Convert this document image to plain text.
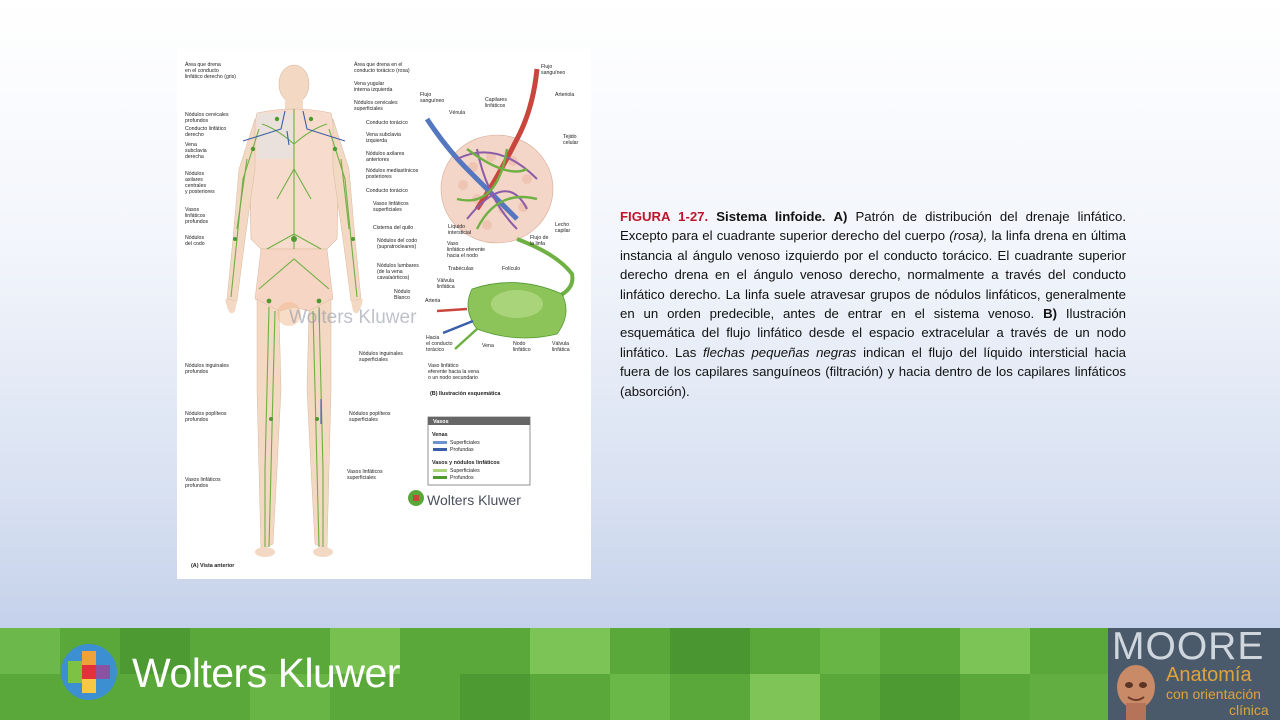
Área que drena
en el conducto
linfático derecho (gris)
Nódulos cervicales
profundos
Conducto linfático
derecho
Vena
subclavia
derecha
Nódulos
axilares
centrales
y posteriores
Vasos
linfáticos
profundos
Nódulos
del codo
Nódulos inguinales
profundos
Nódulos poplíteos
profundos
Vasos linfáticos
profundos
Área que drena en el
conducto torácico (rosa)
Vena yugular
interna izquierda
Nódulos cervicales
superficiales
Conducto torácico
Vena subclavia
izquierda
Nódulos axilares
anteriores
Nódulos mediastínicos
posteriores
Conducto torácico
Vasos linfáticos
superficiales
Cisterna del quilo
Nódulos del codo
(supratrocleares)
Nódulos lumbares
(de la vena
cava/aórticos)
Nódulos inguinales
superficiales
Nódulos poplíteos
superficiales
Vasos linfáticos
superficiales
Flujo
sanguíneo
Arteriola
Flujo
sanguíneo	Capilares
linfáticos
Vénula
Tejido
celular
Líquido
intersticial
Lecho
capilar
Flujo de
la linfa
Vaso
linfático eferente
hacia el nodo
Trabéculas	Folículo
Válvula
linfática
Nódulo
Blanco	Arteria
Hacia
el conducto
torácico
Vena	Nodo
linfático
Válvula
linfática
Vaso linfático
eferente hacia la vena
o un nodo secundario
(B) Ilustración esquemática
(A) Vista anterior
Vasos
Venas
Superficiales
Profundas
Vasos y nódulos linfáticos
Superficiales
Profundos
Wolters Kluwer
Wolters Kluwer
FIGURA 1-27. Sistema linfoide. A) Patrón de distribución del drenaje linfático. Excepto para el cuadrante superior derecho del cuerpo (rosa), la linfa drena en última instancia al ángulo venoso izquierdo por el conducto torácico. El cuadrante superior derecho drena en el ángulo venoso derecho, normalmente a través del conducto linfático derecho. La linfa suele atravesar grupos de nódulos linfáticos, generalmente en un orden predecible, antes de entrar en el sistema venoso. B) Ilustración esquemática del flujo linfático desde el espacio extracelular a través de un nodo linfático. Las flechas pequeñas negras indican el flujo del líquido intersticial hacia fuera de los capilares sanguíneos (filtración) y hacia dentro de los capilares linfáticos (absorción).
Wolters Kluwer
MOORE
Anatomía
con orientación
clínica
